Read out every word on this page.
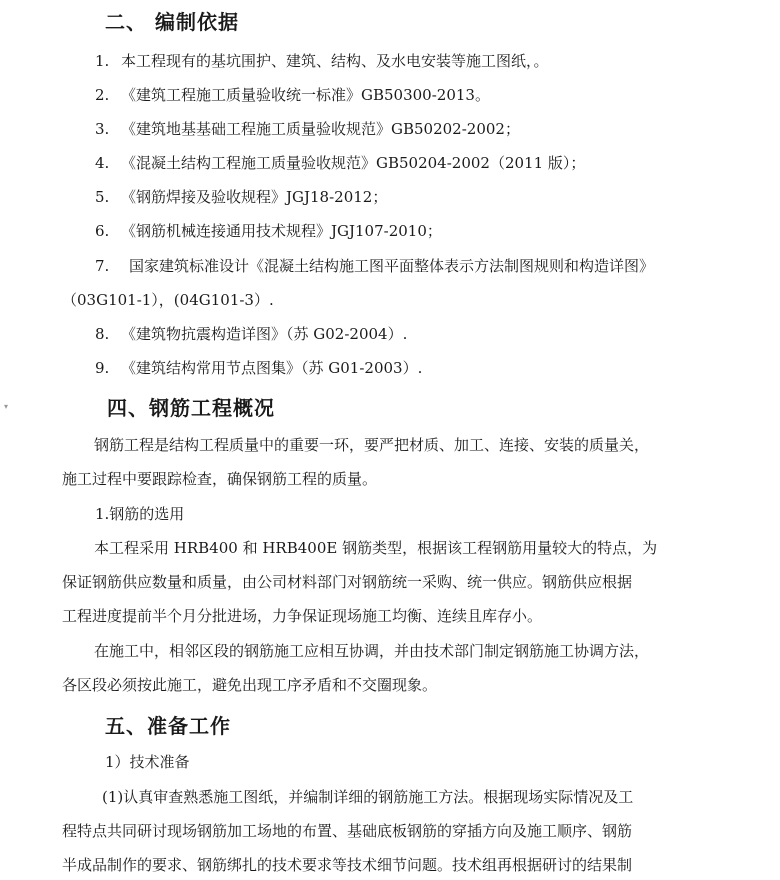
二、 编制依据
1. 本工程现有的基坑围护、建筑、结构、及水电安装等施工图纸，。
2. 《建筑工程施工质量验收统一标准》GB50300-2013。
3. 《建筑地基基础工程施工质量验收规范》GB50202-2002；
4. 《混凝土结构工程施工质量验收规范》GB50204-2002（2011 版）；
5. 《钢筋焊接及验收规程》JGJ18-2012；
6. 《钢筋机械连接通用技术规程》JGJ107-2010；
7. 国家建筑标准设计《混凝土结构施工图平面整体表示方法制图规则和构造详图》
（03G101-1），(04G101-3）.
8. 《建筑物抗震构造详图》（苏 G02-2004）.
9. 《建筑结构常用节点图集》（苏 G01-2003）.
▾	四、钢筋工程概况
钢筋工程是结构工程质量中的重要一环，要严把材质、加工、连接、安装的质量关，
施工过程中要跟踪检查，确保钢筋工程的质量。
1.钢筋的选用
本工程采用 HRB400 和 HRB400E 钢筋类型，根据该工程钢筋用量较大的特点，为
保证钢筋供应数量和质量，由公司材料部门对钢筋统一采购、统一供应。钢筋供应根据
工程进度提前半个月分批进场，力争保证现场施工均衡、连续且库存小。
在施工中，相邻区段的钢筋施工应相互协调，并由技术部门制定钢筋施工协调方法，
各区段必须按此施工，避免出现工序矛盾和不交圈现象。
五、准备工作
1）技术准备
(1)认真审查熟悉施工图纸，并编制详细的钢筋施工方法。根据现场实际情况及工
程特点共同研讨现场钢筋加工场地的布置、基础底板钢筋的穿插方向及施工顺序、钢筋
半成品制作的要求、钢筋绑扎的技术要求等技术细节问题。技术组再根据研讨的结果制
